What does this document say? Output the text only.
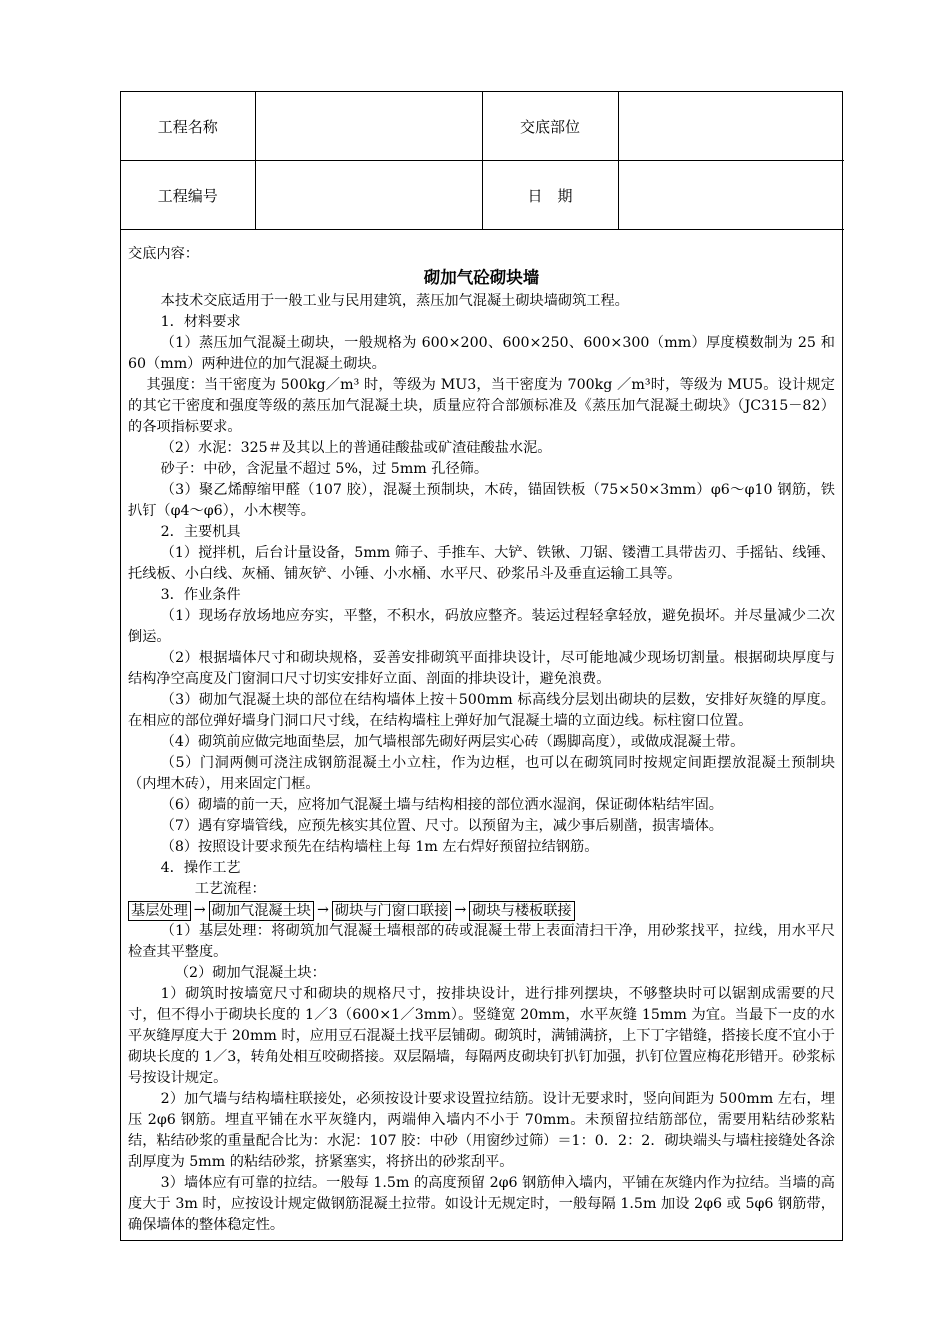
工程名称		交底部位	
工程编号		日　期	

交底内容：

砌加气砼砌块墙

本技术交底适用于一般工业与民用建筑，蒸压加气混凝土砌块墙砌筑工程。

1．材料要求

（1）蒸压加气混凝土砌块，一般规格为 600×200、600×250、600×300（mm）厚度模数制为 25 和 60（mm）两种进位的加气混凝土砌块。

其强度：当干密度为 500kg／m³ 时，等级为 MU3，当干密度为 700kg ／m³时，等级为 MU5。设计规定的其它干密度和强度等级的蒸压加气混凝土块，质量应符合部颁标准及《蒸压加气混凝土砌块》（JC315－82）的各项指标要求。

（2）水泥：325＃及其以上的普通硅酸盐或矿渣硅酸盐水泥。

砂子：中砂，含泥量不超过 5%，过 5mm 孔径筛。

（3）聚乙烯醇缩甲醛（107 胶），混凝土预制块，木砖，锚固铁板（75×50×3mm）φ6～φ10 钢筋，铁扒钉（φ4～φ6），小木楔等。

2．主要机具

（1）搅拌机，后台计量设备，5mm 筛子、手推车、大铲、铁锹、刀锯、镂漕工具带齿刃、手摇钻、线锤、托线板、小白线、灰桶、铺灰铲、小锤、小水桶、水平尺、砂浆吊斗及垂直运输工具等。

3．作业条件

（1）现场存放场地应夯实，平整，不积水，码放应整齐。装运过程轻拿轻放，避免损坏。并尽量减少二次倒运。

（2）根据墙体尺寸和砌块规格，妥善安排砌筑平面排块设计，尽可能地减少现场切割量。根据砌块厚度与结构净空高度及门窗洞口尺寸切实安排好立面、剖面的排块设计，避免浪费。

（3）砌加气混凝土块的部位在结构墙体上按＋500mm 标高线分层划出砌块的层数，安排好灰缝的厚度。在相应的部位弹好墙身门洞口尺寸线，在结构墙柱上弹好加气混凝土墙的立面边线。标柱窗口位置。

（4）砌筑前应做完地面垫层，加气墙根部先砌好两层实心砖（踢脚高度），或做成混凝土带。

（5）门洞两侧可浇注成钢筋混凝土小立柱，作为边框，也可以在砌筑同时按规定间距摆放混凝土预制块（内埋木砖），用来固定门框。

（6）砌墙的前一天，应将加气混凝土墙与结构相接的部位洒水湿润，保证砌体粘结牢固。

（7）遇有穿墙管线，应预先核实其位置、尺寸。以预留为主，减少事后剔凿，损害墙体。

（8）按照设计要求预先在结构墙柱上每 1m 左右焊好预留拉结钢筋。

4．操作工艺

工艺流程：

基层处理 → 砌加气混凝土块 → 砌块与门窗口联接 → 砌块与楼板联接

（1）基层处理：将砌筑加气混凝土墙根部的砖或混凝土带上表面清扫干净，用砂浆找平，拉线，用水平尺检查其平整度。

（2）砌加气混凝土块：

1）砌筑时按墙宽尺寸和砌块的规格尺寸，按排块设计，进行排列摆块，不够整块时可以锯割成需要的尺寸，但不得小于砌块长度的 1／3（600×1／3mm）。竖缝宽 20mm，水平灰缝 15mm 为宜。当最下一皮的水平灰缝厚度大于 20mm 时，应用豆石混凝土找平层铺砌。砌筑时，满铺满挤，上下丁字错缝，搭接长度不宜小于砌块长度的 1／3，转角处相互咬砌搭接。双层隔墙，每隔两皮砌块钉扒钉加强，扒钉位置应梅花形错开。砂浆标号按设计规定。

2）加气墙与结构墙柱联接处，必须按设计要求设置拉结筋。设计无要求时，竖向间距为 500mm 左右，埋压 2φ6 钢筋。埋直平铺在水平灰缝内，两端伸入墙内不小于 70mm。未预留拉结筋部位，需要用粘结砂浆粘结，粘结砂浆的重量配合比为：水泥：107 胶：中砂（用窗纱过筛）＝1：0．2：2．砌块端头与墙柱接缝处各涂刮厚度为 5mm 的粘结砂浆，挤紧塞实，将挤出的砂浆刮平。

3）墙体应有可靠的拉结。一般每 1.5m 的高度预留 2φ6 钢筋伸入墙内，平铺在灰缝内作为拉结。当墙的高度大于 3m 时，应按设计规定做钢筋混凝土拉带。如设计无规定时，一般每隔 1.5m 加设 2φ6 或 5φ6 钢筋带，确保墙体的整体稳定性。
